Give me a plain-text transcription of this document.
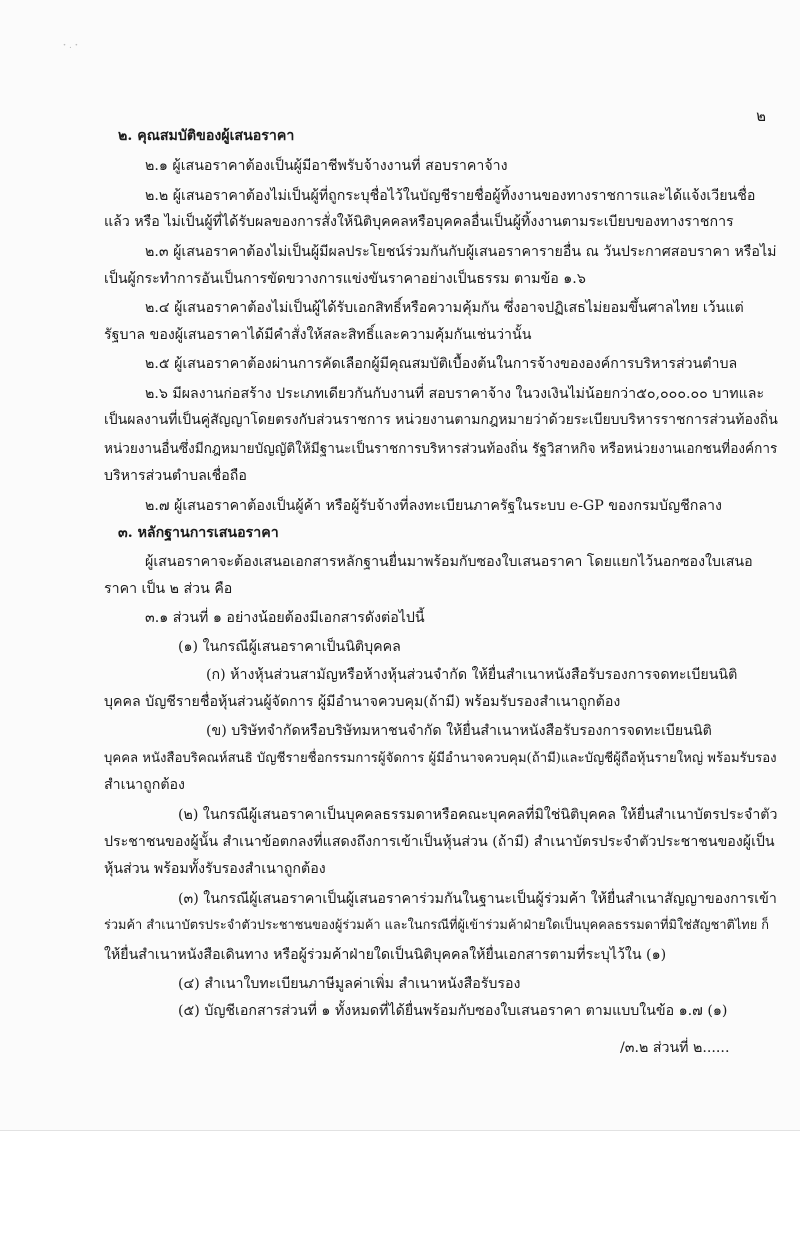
・.・
๒
๒. คุณสมบัติของผู้เสนอราคา
๒.๑ ผู้เสนอราคาต้องเป็นผู้มีอาชีพรับจ้างงานที่ สอบราคาจ้าง
๒.๒ ผู้เสนอราคาต้องไม่เป็นผู้ที่ถูกระบุชื่อไว้ในบัญชีรายชื่อผู้ทิ้งงานของทางราชการและได้แจ้งเวียนชื่อ
แล้ว หรือ ไม่เป็นผู้ที่ได้รับผลของการสั่งให้นิติบุคคลหรือบุคคลอื่นเป็นผู้ทิ้งงานตามระเบียบของทางราชการ
๒.๓ ผู้เสนอราคาต้องไม่เป็นผู้มีผลประโยชน์ร่วมกันกับผู้เสนอราคารายอื่น ณ วันประกาศสอบราคา หรือไม่
เป็นผู้กระทำการอันเป็นการขัดขวางการแข่งขันราคาอย่างเป็นธรรม ตามข้อ ๑.๖
๒.๔ ผู้เสนอราคาต้องไม่เป็นผู้ได้รับเอกสิทธิ์หรือความคุ้มกัน ซึ่งอาจปฏิเสธไม่ยอมขึ้นศาลไทย เว้นแต่
รัฐบาล ของผู้เสนอราคาได้มีคำสั่งให้สละสิทธิ์และความคุ้มกันเช่นว่านั้น
๒.๕ ผู้เสนอราคาต้องผ่านการคัดเลือกผู้มีคุณสมบัติเบื้องต้นในการจ้างขององค์การบริหารส่วนตำบล
๒.๖ มีผลงานก่อสร้าง ประเภทเดียวกันกับงานที่ สอบราคาจ้าง ในวงเงินไม่น้อยกว่า๕๐,๐๐๐.๐๐ บาทและ
เป็นผลงานที่เป็นคู่สัญญาโดยตรงกับส่วนราชการ หน่วยงานตามกฎหมายว่าด้วยระเบียบบริหารราชการส่วนท้องถิ่น
หน่วยงานอื่นซึ่งมีกฎหมายบัญญัติให้มีฐานะเป็นราชการบริหารส่วนท้องถิ่น รัฐวิสาหกิจ หรือหน่วยงานเอกชนที่องค์การ
บริหารส่วนตำบลเชื่อถือ
๒.๗ ผู้เสนอราคาต้องเป็นผู้ค้า หรือผู้รับจ้างที่ลงทะเบียนภาครัฐในระบบ e-GP ของกรมบัญชีกลาง
๓. หลักฐานการเสนอราคา
ผู้เสนอราคาจะต้องเสนอเอกสารหลักฐานยื่นมาพร้อมกับซองใบเสนอราคา โดยแยกไว้นอกซองใบเสนอ
ราคา เป็น ๒ ส่วน คือ
๓.๑ ส่วนที่ ๑ อย่างน้อยต้องมีเอกสารดังต่อไปนี้
(๑) ในกรณีผู้เสนอราคาเป็นนิติบุคคล
(ก) ห้างหุ้นส่วนสามัญหรือห้างหุ้นส่วนจำกัด ให้ยื่นสำเนาหนังสือรับรองการจดทะเบียนนิติ
บุคคล บัญชีรายชื่อหุ้นส่วนผู้จัดการ ผู้มีอำนาจควบคุม(ถ้ามี) พร้อมรับรองสำเนาถูกต้อง
(ข) บริษัทจำกัดหรือบริษัทมหาชนจำกัด ให้ยื่นสำเนาหนังสือรับรองการจดทะเบียนนิติ
บุคคล หนังสือบริคณห์สนธิ บัญชีรายชื่อกรรมการผู้จัดการ ผู้มีอำนาจควบคุม(ถ้ามี)และบัญชีผู้ถือหุ้นรายใหญ่ พร้อมรับรอง
สำเนาถูกต้อง
(๒) ในกรณีผู้เสนอราคาเป็นบุคคลธรรมดาหรือคณะบุคคลที่มิใช่นิติบุคคล ให้ยื่นสำเนาบัตรประจำตัว
ประชาชนของผู้นั้น สำเนาข้อตกลงที่แสดงถึงการเข้าเป็นหุ้นส่วน (ถ้ามี) สำเนาบัตรประจำตัวประชาชนของผู้เป็น
หุ้นส่วน พร้อมทั้งรับรองสำเนาถูกต้อง
(๓) ในกรณีผู้เสนอราคาเป็นผู้เสนอราคาร่วมกันในฐานะเป็นผู้ร่วมค้า ให้ยื่นสำเนาสัญญาของการเข้า
ร่วมค้า สำเนาบัตรประจำตัวประชาชนของผู้ร่วมค้า และในกรณีที่ผู้เข้าร่วมค้าฝ่ายใดเป็นบุคคลธรรมดาที่มิใช่สัญชาติไทย ก็
ให้ยื่นสำเนาหนังสือเดินทาง หรือผู้ร่วมค้าฝ่ายใดเป็นนิติบุคคลให้ยื่นเอกสารตามที่ระบุไว้ใน (๑)
(๔) สำเนาใบทะเบียนภาษีมูลค่าเพิ่ม สำเนาหนังสือรับรอง
(๕) บัญชีเอกสารส่วนที่ ๑ ทั้งหมดที่ได้ยื่นพร้อมกับซองใบเสนอราคา ตามแบบในข้อ ๑.๗ (๑)
/๓.๒ ส่วนที่ ๒......
